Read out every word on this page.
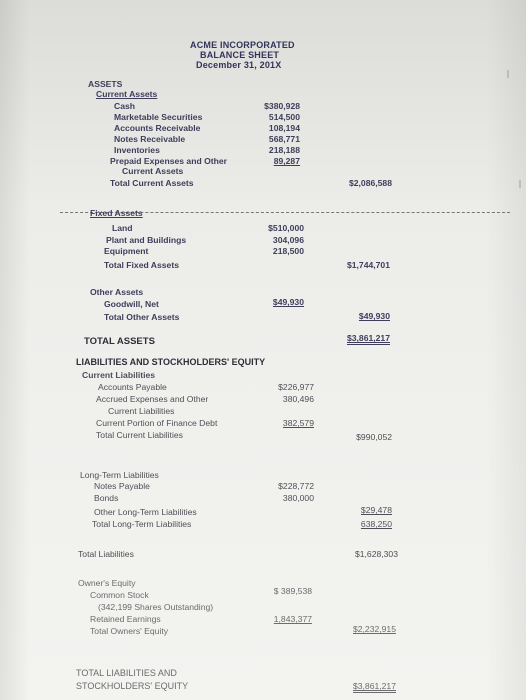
ACME INCORPORATED
BALANCE SHEET
December 31, 201X
ASSETS
Current Assets
Cash	$380,928
Marketable Securities	514,500
Accounts Receivable	108,194
Notes Receivable	568,771
Inventories	218,188
Prepaid Expenses and Other	89,287
Current Assets
Total Current Assets	$2,086,588
Fixed Assets
Land	$510,000
Plant and Buildings	304,096
Equipment	218,500
Total Fixed Assets	$1,744,701
Other Assets
Goodwill, Net	$49,930
Total Other Assets	$49,930
TOTAL ASSETS	$3,861,217
LIABILITIES AND STOCKHOLDERS' EQUITY
Current Liabilities
Accounts Payable	$226,977
Accrued Expenses and Other	380,496
Current Liabilities
Current Portion of Finance Debt	382,579
Total Current Liabilities	$990,052
Long-Term Liabilities
Notes Payable	$228,772
Bonds	380,000
Other Long-Term Liabilities	$29,478
Total Long-Term Liabilities	638,250
Total Liabilities	$1,628,303
Owner's Equity
Common Stock	$ 389,538
(342,199 Shares Outstanding)
Retained Earnings	1,843,377
Total Owners' Equity	$2,232,915
TOTAL LIABILITIES AND
STOCKHOLDERS' EQUITY	$3,861,217
